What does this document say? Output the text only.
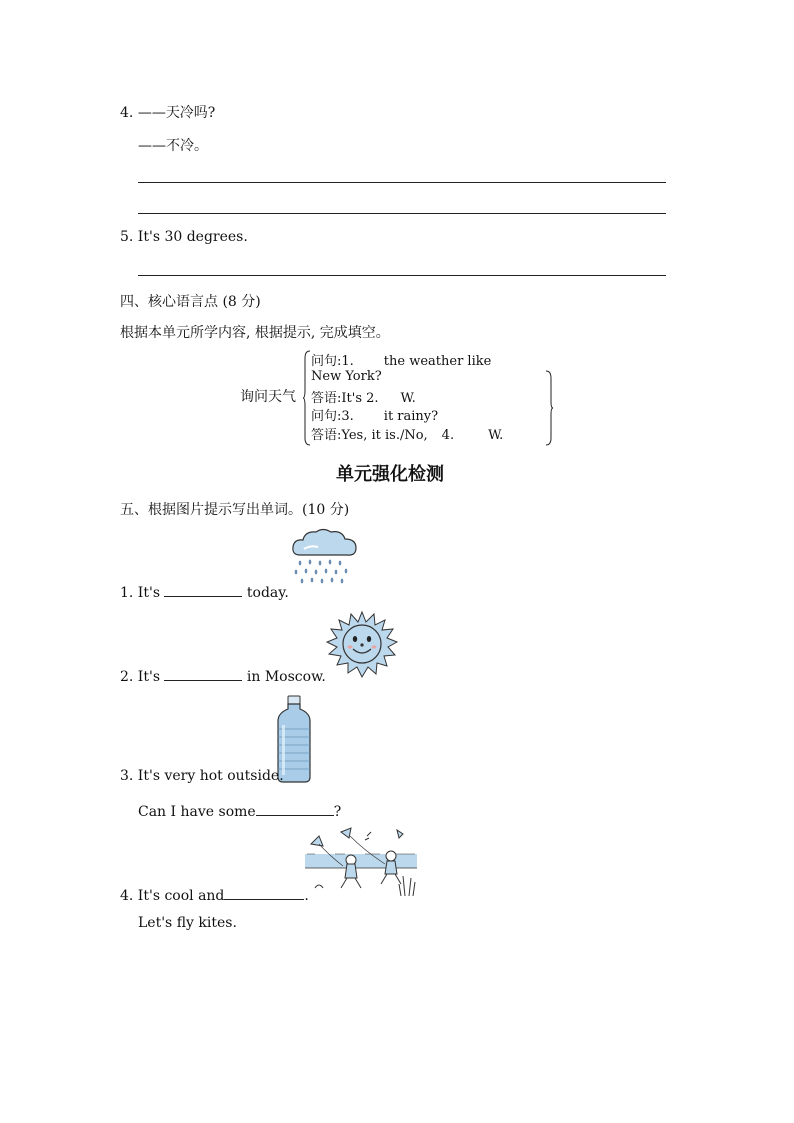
4. ——天冷吗?
——不冷。
5. It's 30 degrees.
四、核心语言点 (8 分)
根据本单元所学内容, 根据提示, 完成填空。
询问天气
问句:1. the weather like
New York?
答语:It's 2. W.
问句:3. it rainy?
答语:Yes, it is./No, 4.	W.
单元强化检测
五、根据图片提示写出单词。(10 分)
1. It's	today.
2. It's	in Moscow.
3. It's very hot outside.
Can I have some	?
4. It's cool and	.
Let's fly kites.
